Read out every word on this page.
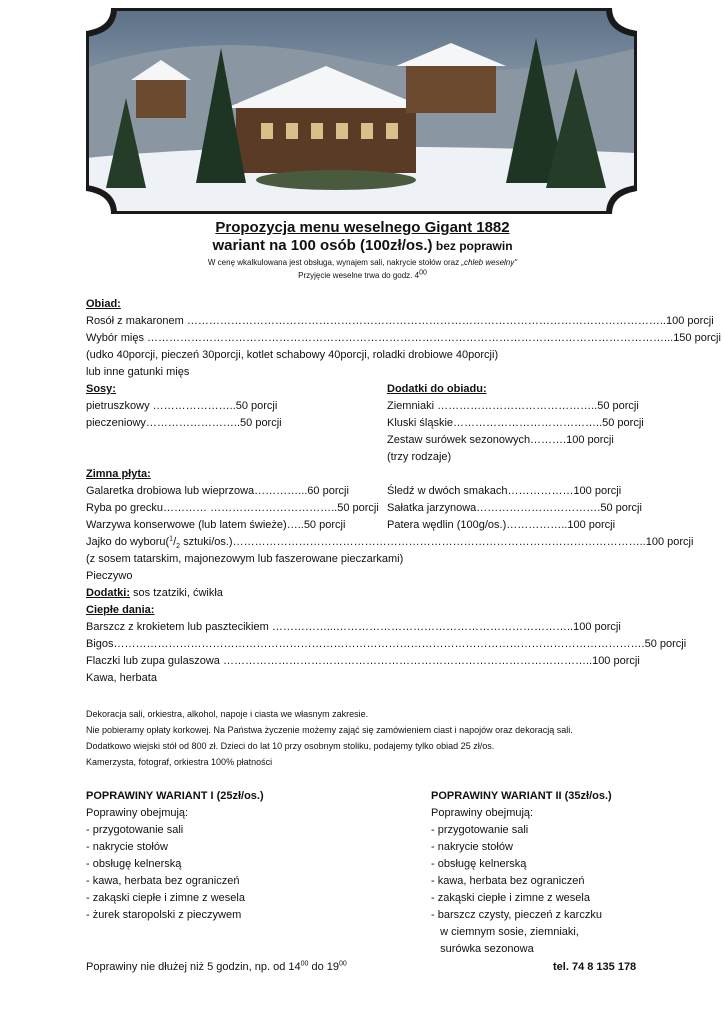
Propozycja menu weselnego Gigant 1882
wariant na 100 osób (100zł/os.) bez poprawin
W cenę wkalkulowana jest obsługa, wynajem sali, nakrycie stołów oraz „chleb weselny"
Przyjęcie weselne trwa do godz. $4^{00}$
Obiad:
Rosół z makaronem …………………………………………………………………………………………………………………..100 porcji
Wybór mięs ……………………………………………………………………………………………………………………………...150 porcji
(udko 40porcji, pieczeń 30porcji, kotlet schabowy 40porcji, roladki drobiowe 40porcji)
lub inne gatunki mięs
Sosy:
pietruszkowy …………………..50 porcji
pieczeniowy……………………..50 porcji
Dodatki do obiadu:
Ziemniaki ……………………………………..50 porcji
Kluski śląskie…………………………………..50 porcji
Zestaw surówek sezonowych……….100 porcji
(trzy rodzaje)
Zimna płyta:
Galaretka drobiowa lub wieprzowa…………...60 porcji
Ryba po grecku………… ……………………………..50 porcji
Warzywa konserwowe (lub latem świeże)…..50 porcji
Śledź w dwóch smakach………………100 porcji
Sałatka jarzynowa…………………………….50 porcji
Patera wędlin (100g/os.)……………..100 porcji
Jajko do $wyboru(^1/_2$ sztuki/os.)…………………………………………………………………………………………………..100 porcji
(z sosem tatarskim, majonezowym lub faszerowane pieczarkami)
Pieczywo
Dodatki: sos tzatziki, ćwikła
Ciepłe dania:
Barszcz z krokietem lub pasztecikiem ……………...………………………………………………………..100 porcji
Bigos……………………………………………………………………………………………………………………………….50 porcji
Flaczki lub zupa gulaszowa ………………………………………………………………………………………..100 porcji
Kawa, herbata
Dekoracja sali, orkiestra, alkohol, napoje i ciasta we własnym zakresie.
Nie pobieramy opłaty korkowej. Na Państwa życzenie możemy zająć się zamówieniem ciast i napojów oraz dekoracją sali.
Dodatkowo wiejski stół od 800 zł. Dzieci do lat 10 przy osobnym stoliku, podajemy tylko obiad 25 zł/os.
Kamerzysta, fotograf, orkiestra 100% płatności
POPRAWINY WARIANT I (25zł/os.)
Poprawiny obejmują:
- przygotowanie sali
- nakrycie stołów
- obsługę kelnerską
- kawa, herbata bez ograniczeń
- zakąski ciepłe i zimne z wesela
- żurek staropolski z pieczywem
POPRAWINY WARIANT II (35zł/os.)
Poprawiny obejmują:
- przygotowanie sali
- nakrycie stołów
- obsługę kelnerską
- kawa, herbata bez ograniczeń
- zakąski ciepłe i zimne z wesela
- barszcz czysty, pieczeń z karczku
w ciemnym sosie, ziemniaki,
surówka sezonowa
Poprawiny nie dłużej niż 5 godzin, np. od $14^{00}$ do $19^{00}$	tel. 74 8 135 178
